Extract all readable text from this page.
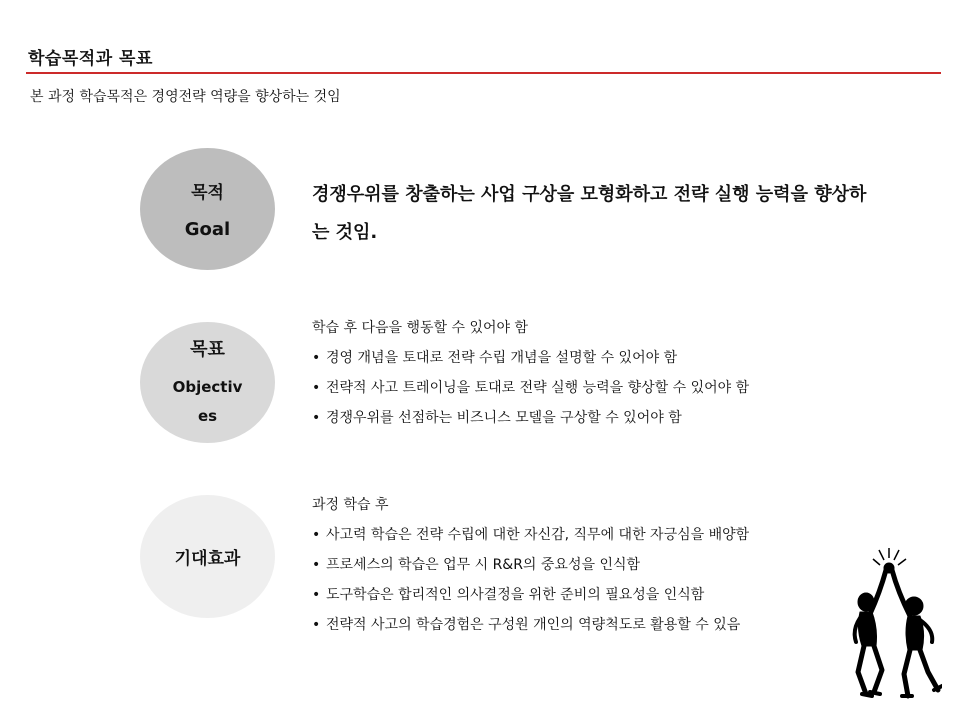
학습목적과 목표
본 과정 학습목적은 경영전략 역량을 향상하는 것임
목적
Goal
경쟁우위를 창출하는 사업 구상을 모형화하고 전략 실행 능력을 향상하는 것임.
목표
Objectives
학습 후 다음을 행동할 수 있어야 함
• 경영 개념을 토대로 전략 수립 개념을 설명할 수 있어야 함
• 전략적 사고 트레이닝을 토대로 전략 실행 능력을 향상할 수 있어야 함
• 경쟁우위를 선점하는 비즈니스 모델을 구상할 수 있어야 함
기대효과
과정 학습 후
• 사고력 학습은 전략 수립에 대한 자신감, 직무에 대한 자긍심을 배양함
• 프로세스의 학습은 업무 시 R&R의 중요성을 인식함
• 도구학습은 합리적인 의사결정을 위한 준비의 필요성을 인식함
• 전략적 사고의 학습경험은 구성원 개인의 역량척도로 활용할 수 있음
